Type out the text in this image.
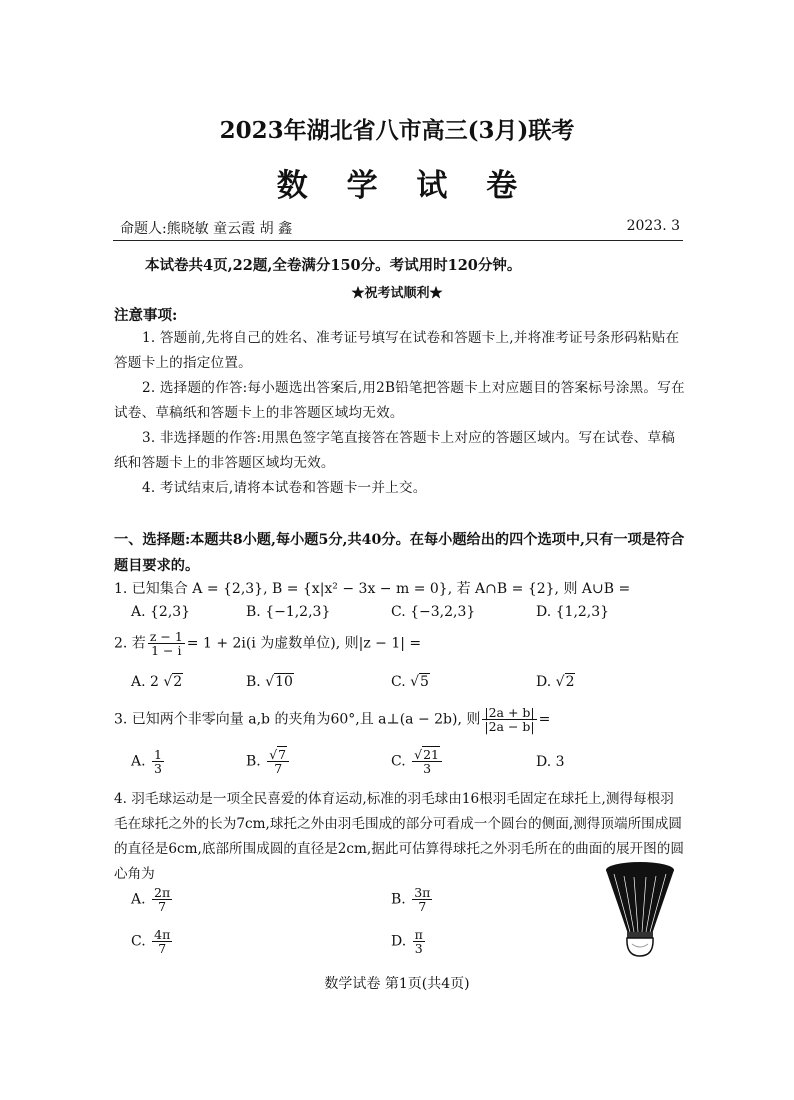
2023年湖北省八市高三(3月)联考
数 学 试 卷
命题人:熊晓敏 童云霞 胡 鑫	2023. 3
本试卷共4页,22题,全卷满分150分。考试用时120分钟。
★祝考试顺利★
注意事项:
1. 答题前,先将自己的姓名、准考证号填写在试卷和答题卡上,并将准考证号条形码粘贴在答题卡上的指定位置。
2. 选择题的作答:每小题选出答案后,用2B铅笔把答题卡上对应题目的答案标号涂黑。写在试卷、草稿纸和答题卡上的非答题区域均无效。
3. 非选择题的作答:用黑色签字笔直接答在答题卡上对应的答题区域内。写在试卷、草稿纸和答题卡上的非答题区域均无效。
4. 考试结束后,请将本试卷和答题卡一并上交。
一、选择题:本题共8小题,每小题5分,共40分。在每小题给出的四个选项中,只有一项是符合题目要求的。
1. 已知集合 A = {2,3}, B = {x|x² − 3x − m = 0}, 若 A∩B = {2}, 则 A∪B =
A. {2,3}	B. {−1,2,3}	C. {−3,2,3}	D. {1,2,3}
2. 若 $\frac{z - 1}{1 - i} = 1 + 2i(i$ 为虚数单位), 则|z − 1| =
A. 2 √2	B. √10	C. √5	D. √2
3. 已知两个非零向量 a,b 的夹角为60°,且 a⊥(a − 2b), 则 $\frac{|2a + b|}{|2a - b|}$ =
A. $\frac{1}{3}$	B. $\frac{√7}{7}$	C. $\frac{√21}{3}$	D. 3
4. 羽毛球运动是一项全民喜爱的体育运动,标准的羽毛球由16根羽毛固定在球托上,测得每根羽毛在球托之外的长为7cm,球托之外由羽毛围成的部分可看成一个圆台的侧面,测得顶端所围成圆的直径是6cm,底部所围成圆的直径是2cm,据此可估算得球托之外羽毛所在的曲面的展开图的圆心角为
A. $\frac{2\pi}{7}$	B. $\frac{3\pi}{7}$
C. $\frac{4\pi}{7}$	D. $\frac{\pi}{3}$
数学试卷 第1页(共4页)
